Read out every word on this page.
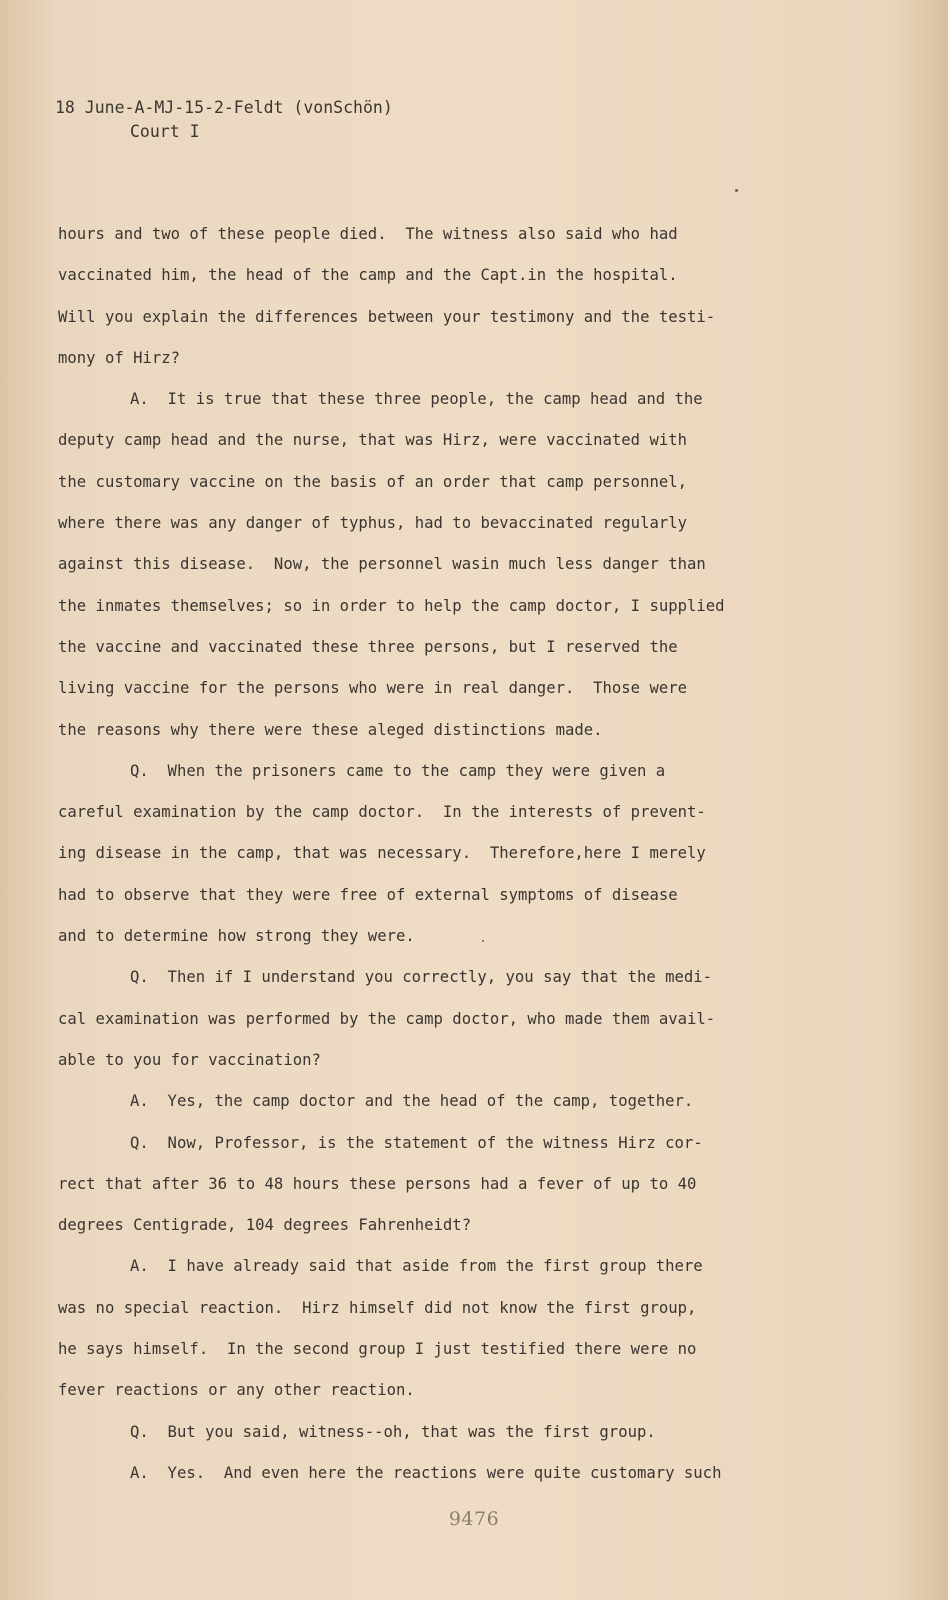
18 June-A-MJ-15-2-Feldt (vonSchön)

Court I
hours and two of these people died.  The witness also said who had
vaccinated him, the head of the camp and the Capt.in the hospital.
Will you explain the differences between your testimony and the testi-
mony of Hirz?
A.  It is true that these three people, the camp head and the
deputy camp head and the nurse, that was Hirz, were vaccinated with
the customary vaccine on the basis of an order that camp personnel,
where there was any danger of typhus, had to bevaccinated regularly
against this disease.  Now, the personnel wasin much less danger than
the inmates themselves; so in order to help the camp doctor, I supplied
the vaccine and vaccinated these three persons, but I reserved the
living vaccine for the persons who were in real danger.  Those were
the reasons why there were these aleged distinctions made.
Q.  When the prisoners came to the camp they were given a
careful examination by the camp doctor.  In the interests of prevent-
ing disease in the camp, that was necessary.  Therefore,here I merely
had to observe that they were free of external symptoms of disease
and to determine how strong they were.
Q.  Then if I understand you correctly, you say that the medi-
cal examination was performed by the camp doctor, who made them avail-
able to you for vaccination?
A.  Yes, the camp doctor and the head of the camp, together.
Q.  Now, Professor, is the statement of the witness Hirz cor-
rect that after 36 to 48 hours these persons had a fever of up to 40
degrees Centigrade, 104 degrees Fahrenheidt?
A.  I have already said that aside from the first group there
was no special reaction.  Hirz himself did not know the first group,
he says himself.  In the second group I just testified there were no
fever reactions or any other reaction.
Q.  But you said, witness--oh, that was the first group.
A.  Yes.  And even here the reactions were quite customary such
9476
